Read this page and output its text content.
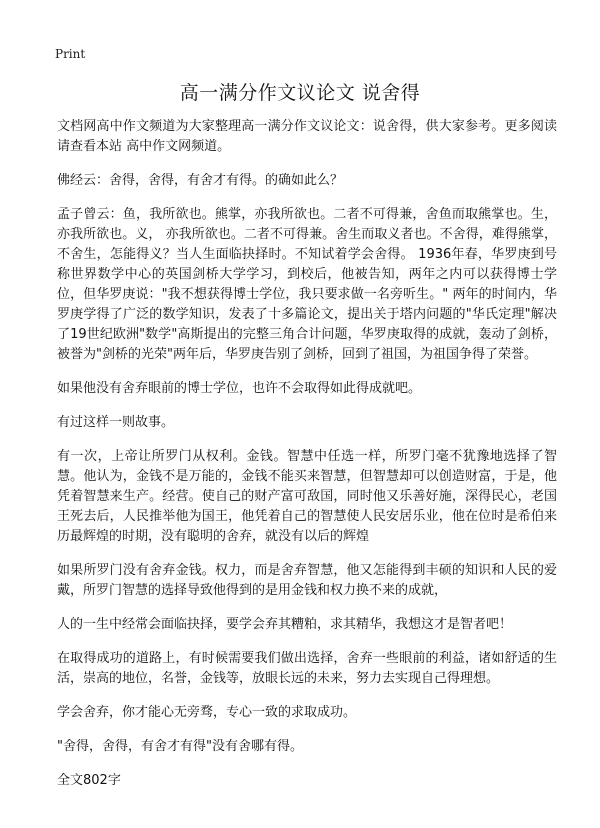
Print
高一满分作文议论文 说舍得

文档网高中作文频道为大家整理高一满分作文议论文：说舍得，供大家参考。更多阅读请查看本站 高中作文网频道。

佛经云：舍得，舍得，有舍才有得。的确如此么？

孟子曾云：鱼，我所欲也。熊掌，亦我所欲也。二者不可得兼，舍鱼而取熊掌也。生，亦我所欲也。义， 亦我所欲也。二者不可得兼。舍生而取义者也。不舍得，难得熊掌，不舍生，怎能得义？当人生面临抉择时。不知试着学会舍得。 1936年春，华罗庚到号称世界数学中心的英国剑桥大学学习，到校后，他被告知，两年之内可以获得博士学位，但华罗庚说："我不想获得博士学位，我只要求做一名旁听生。" 两年的时间内，华罗庚学得了广泛的数学知识，发表了十多篇论文，提出关于塔内问题的"华氏定理"解决了19世纪欧洲"数学"高斯提出的完整三角合计问题，华罗庚取得的成就，轰动了剑桥，被誉为"剑桥的光荣"两年后，华罗庚告别了剑桥，回到了祖国，为祖国争得了荣誉。

如果他没有舍弃眼前的博士学位，也许不会取得如此得成就吧。

有过这样一则故事。

有一次，上帝让所罗门从权利。金钱。智慧中任选一样，所罗门毫不犹豫地选择了智慧。他认为，金钱不是万能的，金钱不能买来智慧，但智慧却可以创造财富，于是，他凭着智慧来生产。经营。使自己的财产富可敌国，同时他又乐善好施，深得民心，老国王死去后，人民推举他为国王，他凭着自己的智慧使人民安居乐业，他在位时是希伯来历最辉煌的时期，没有聪明的舍弃，就没有以后的辉煌

如果所罗门没有舍弃金钱。权力，而是舍弃智慧，他又怎能得到丰硕的知识和人民的爱戴，所罗门智慧的选择导致他得到的是用金钱和权力换不来的成就，

人的一生中经常会面临抉择，要学会弃其糟粕，求其精华，我想这才是智者吧！

在取得成功的道路上，有时候需要我们做出选择，舍弃一些眼前的利益，诸如舒适的生活，崇高的地位，名誉，金钱等，放眼长远的未来，努力去实现自己得理想。

学会舍弃，你才能心无旁骛，专心一致的求取成功。

"舍得，舍得，有舍才有得"没有舍哪有得。

全文802字
